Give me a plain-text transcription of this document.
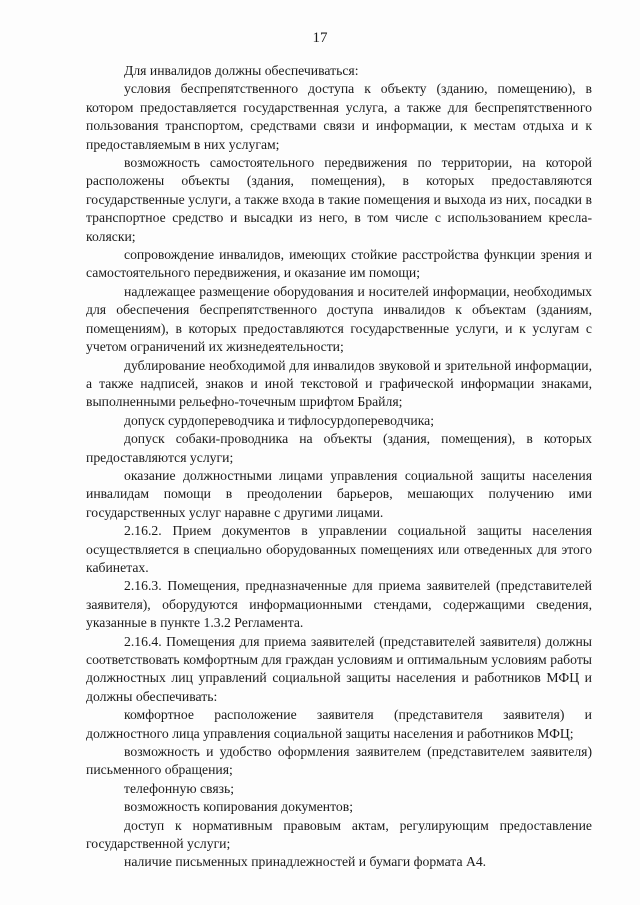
17

Для инвалидов должны обеспечиваться:

условия беспрепятственного доступа к объекту (зданию, помещению), в котором предоставляется государственная услуга, а также для беспрепятственного пользования транспортом, средствами связи и информации, к местам отдыха и к предоставляемым в них услугам;

возможность самостоятельного передвижения по территории, на которой расположены объекты (здания, помещения), в которых предоставляются государственные услуги, а также входа в такие помещения и выхода из них, посадки в транспортное средство и высадки из него, в том числе с использованием кресла-коляски;

сопровождение инвалидов, имеющих стойкие расстройства функции зрения и самостоятельного передвижения, и оказание им помощи;

надлежащее размещение оборудования и носителей информации, необходимых для обеспечения беспрепятственного доступа инвалидов к объектам (зданиям, помещениям), в которых предоставляются государственные услуги, и к услугам с учетом ограничений их жизнедеятельности;

дублирование необходимой для инвалидов звуковой и зрительной информации, а также надписей, знаков и иной текстовой и графической информации знаками, выполненными рельефно-точечным шрифтом Брайля;

допуск сурдопереводчика и тифлосурдопереводчика;

допуск собаки-проводника на объекты (здания, помещения), в которых предоставляются услуги;

оказание должностными лицами управления социальной защиты населения инвалидам помощи в преодолении барьеров, мешающих получению ими государственных услуг наравне с другими лицами.

2.16.2. Прием документов в управлении социальной защиты населения осуществляется в специально оборудованных помещениях или отведенных для этого кабинетах.

2.16.3. Помещения, предназначенные для приема заявителей (представителей заявителя), оборудуются информационными стендами, содержащими сведения, указанные в пункте 1.3.2 Регламента.

2.16.4. Помещения для приема заявителей (представителей заявителя) должны соответствовать комфортным для граждан условиям и оптимальным условиям работы должностных лиц управлений социальной защиты населения и работников МФЦ и должны обеспечивать:

комфортное расположение заявителя (представителя заявителя) и должностного лица управления социальной защиты населения и работников МФЦ;

возможность и удобство оформления заявителем (представителем заявителя) письменного обращения;

телефонную связь;

возможность копирования документов;

доступ к нормативным правовым актам, регулирующим предоставление государственной услуги;

наличие письменных принадлежностей и бумаги формата А4.
